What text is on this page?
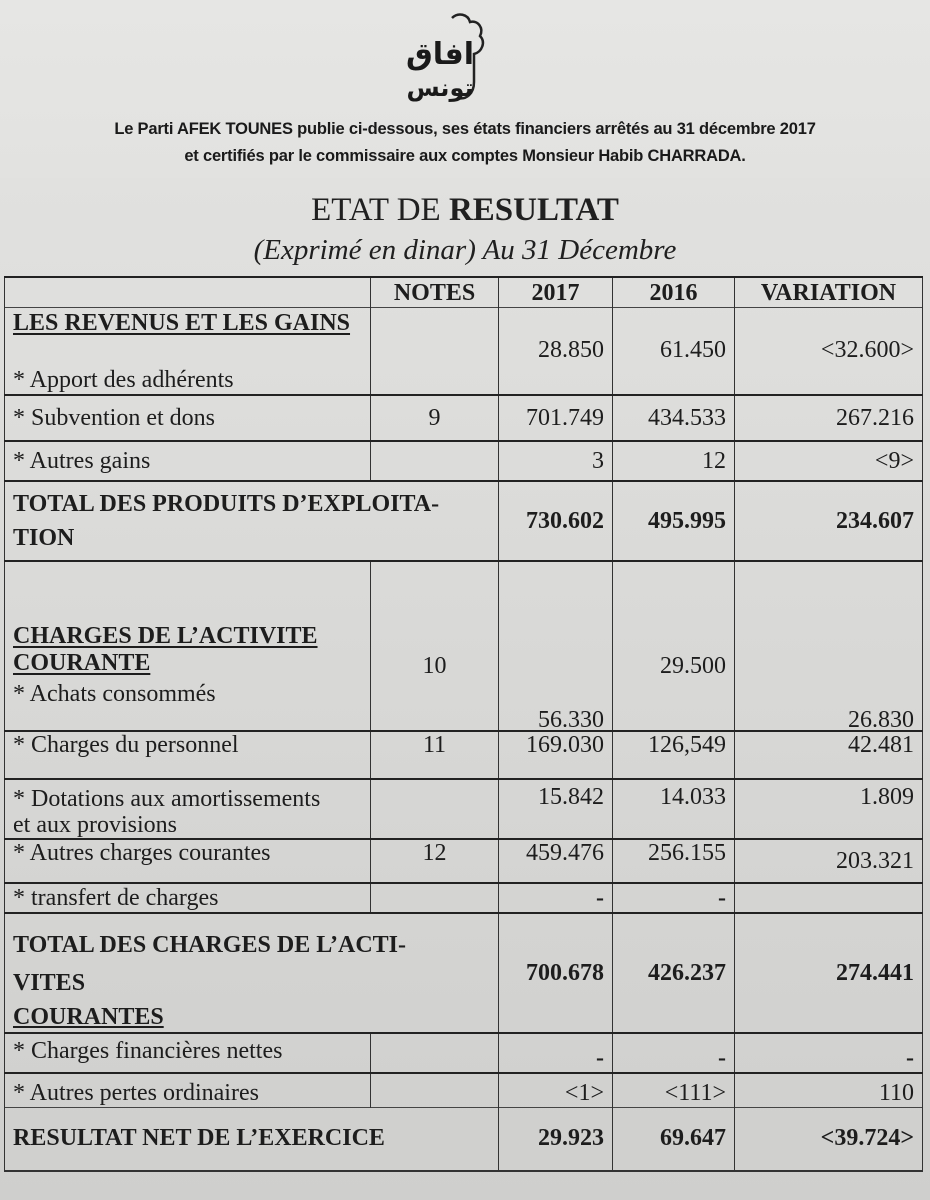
افاق
تونس
Le Parti AFEK TOUNES publie ci-dessous, ses états financiers arrêtés au 31 décembre 2017
et certifiés par le commissaire aux comptes Monsieur Habib CHARRADA.
ETAT DE RESULTAT
(Exprimé en dinar) Au 31 Décembre
	NOTES	2017	2016	VARIATION

LES REVENUS ET LES GAINS
* Apport des adhérents		28.850	61.450	<32.600>
* Subvention et dons	9	701.749	434.533	267.216
* Autres gains		3	12	<9>

TOTAL DES PRODUITS D’EXPLOITA-
TION		730.602	495.995	234.607

CHARGES DE L’ACTIVITE
COURANTE
* Achats consommés	10	56.330	29.500	26.830
* Charges du personnel	11	169.030	126,549	42.481

* Dotations aux amortissements
et aux provisions		15.842	14.033	1.809
* Autres charges courantes	12	459.476	256.155	203.321
* transfert de charges		-	-	

TOTAL DES CHARGES DE L’ACTI-
VITES
COURANTES		700.678	426.237	274.441
* Charges financières nettes		-	-	-
* Autres pertes ordinaires		<1>	<111>	110
RESULTAT NET DE L’EXERCICE		29.923	69.647	<39.724>
